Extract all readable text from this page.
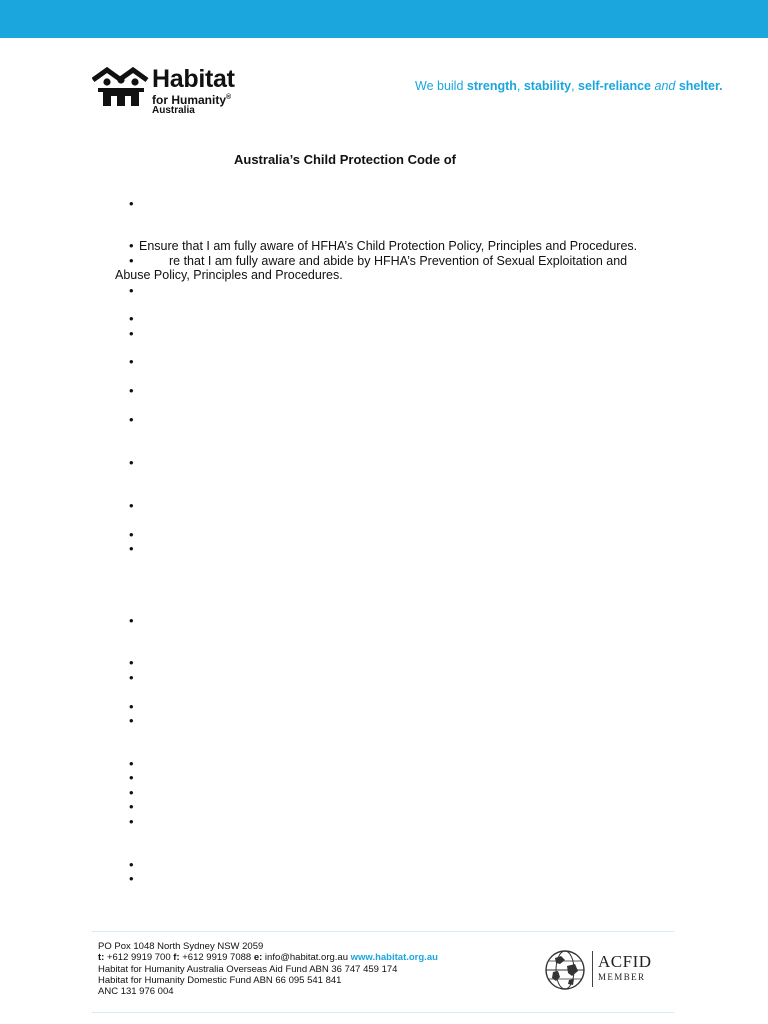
Habitat
for Humanity®
Australia
We build strength, stability, self-reliance and shelter.
Australia’s Child Protection Code of
•
• Ensure that I am fully aware of HFHA’s Child Protection Policy, Principles and Procedures.
•	re that I am fully aware and abide by HFHA’s Prevention of Sexual Exploitation and
Abuse Policy, Principles and Procedures.
•
•
•
•
•
•
•
•
•
•
•
•
•
•
•
•
•
•
•
•
•
•
PO Pox 1048 North Sydney NSW 2059
t: +612 9919 700 f: +612 9919 7088 e: info@habitat.org.au www.habitat.org.au
Habitat for Humanity Australia Overseas Aid Fund ABN 36 747 459 174
Habitat for Humanity Domestic Fund ABN 66 095 541 841
ANC 131 976 004
ACFID
MEMBER
